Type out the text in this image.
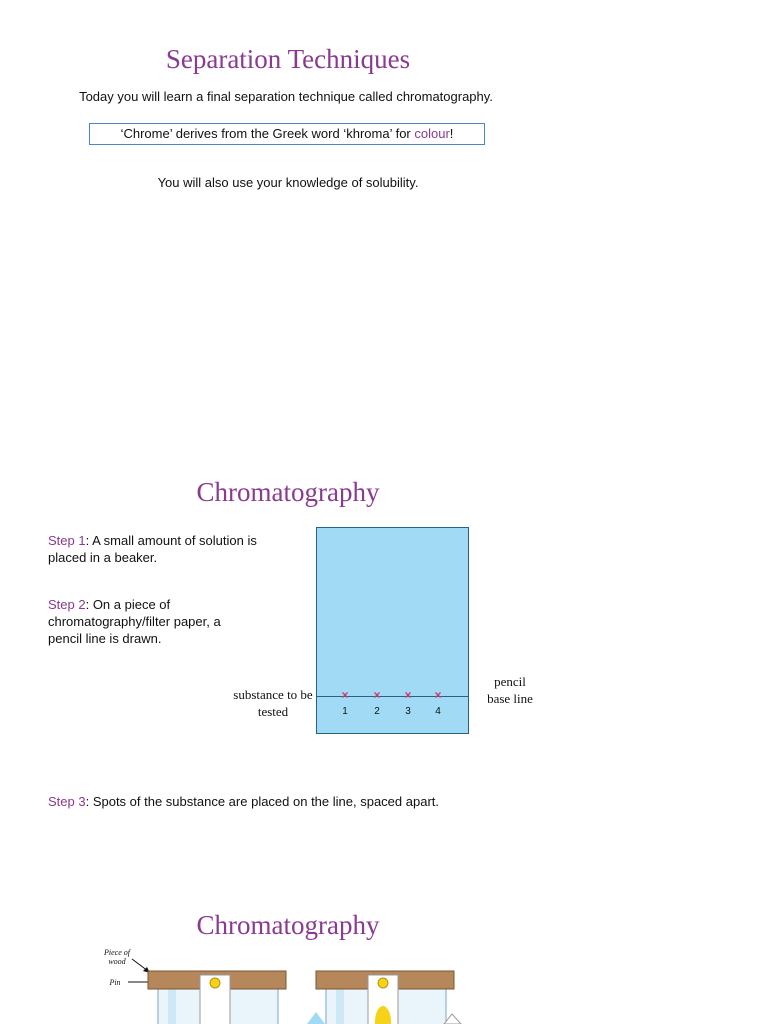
Separation Techniques
Today you will learn a final separation technique called chromatography.
‘Chrome’ derives from the Greek word ‘khroma’ for colour!
You will also use your knowledge of solubility.
Chromatography
Step 1: A small amount of solution is placed in a beaker.
Step 2: On a piece of chromatography/filter paper, a pencil line is drawn.
× × × ×
1	2	3	4
substance to be tested
pencil base line
Step 3: Spots of the substance are placed on the line, spaced apart.
Chromatography
Piece of wood
Pin
